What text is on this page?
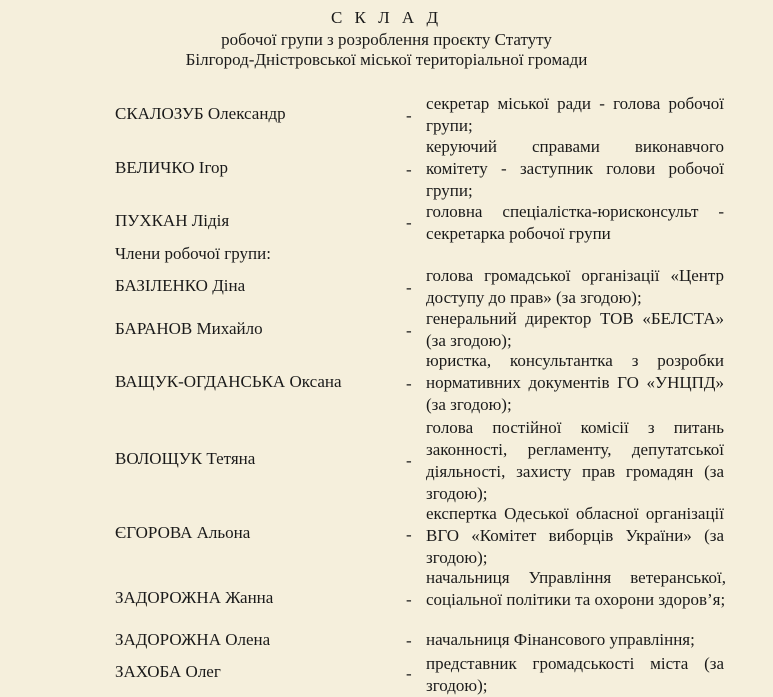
С К Л А Д
робочої групи з розроблення проєкту Статуту
Білгород-Дністровської міської територіальної громади
СКАЛОЗУБ Олександр	-
секретар міської ради - голова робочої групи;
ВЕЛИЧКО Ігор	-
керуючий справами виконавчого комітету - заступник голови робочої групи;
ПУХКАН Лідія	-
головна спеціалістка-юрисконсульт - секретарка робочої групи
Члени робочої групи:
БАЗІЛЕНКО Діна	-
голова громадської організації «Центр доступу до прав» (за згодою);
БАРАНОВ Михайло	-
генеральний директор ТОВ «БЕЛСТА» (за згодою);
ВАЩУК-ОГДАНСЬКА Оксана	-
юристка, консультантка з розробки нормативних документів ГО «УНЦПД» (за згодою);
ВОЛОЩУК Тетяна	-
голова постійної комісії з питань законності, регламенту, депутатської діяльності, захисту прав громадян (за згодою);
ЄГОРОВА Альона	-
експертка Одеської обласної організації ВГО «Комітет виборців України» (за згодою);
ЗАДОРОЖНА Жанна	-
начальниця Управління ветеранської, соціальної політики та охорони здоров’я;
ЗАДОРОЖНА Олена	- начальниця Фінансового управління;
ЗАХОБА Олег	-
представник громадськості міста (за згодою);
